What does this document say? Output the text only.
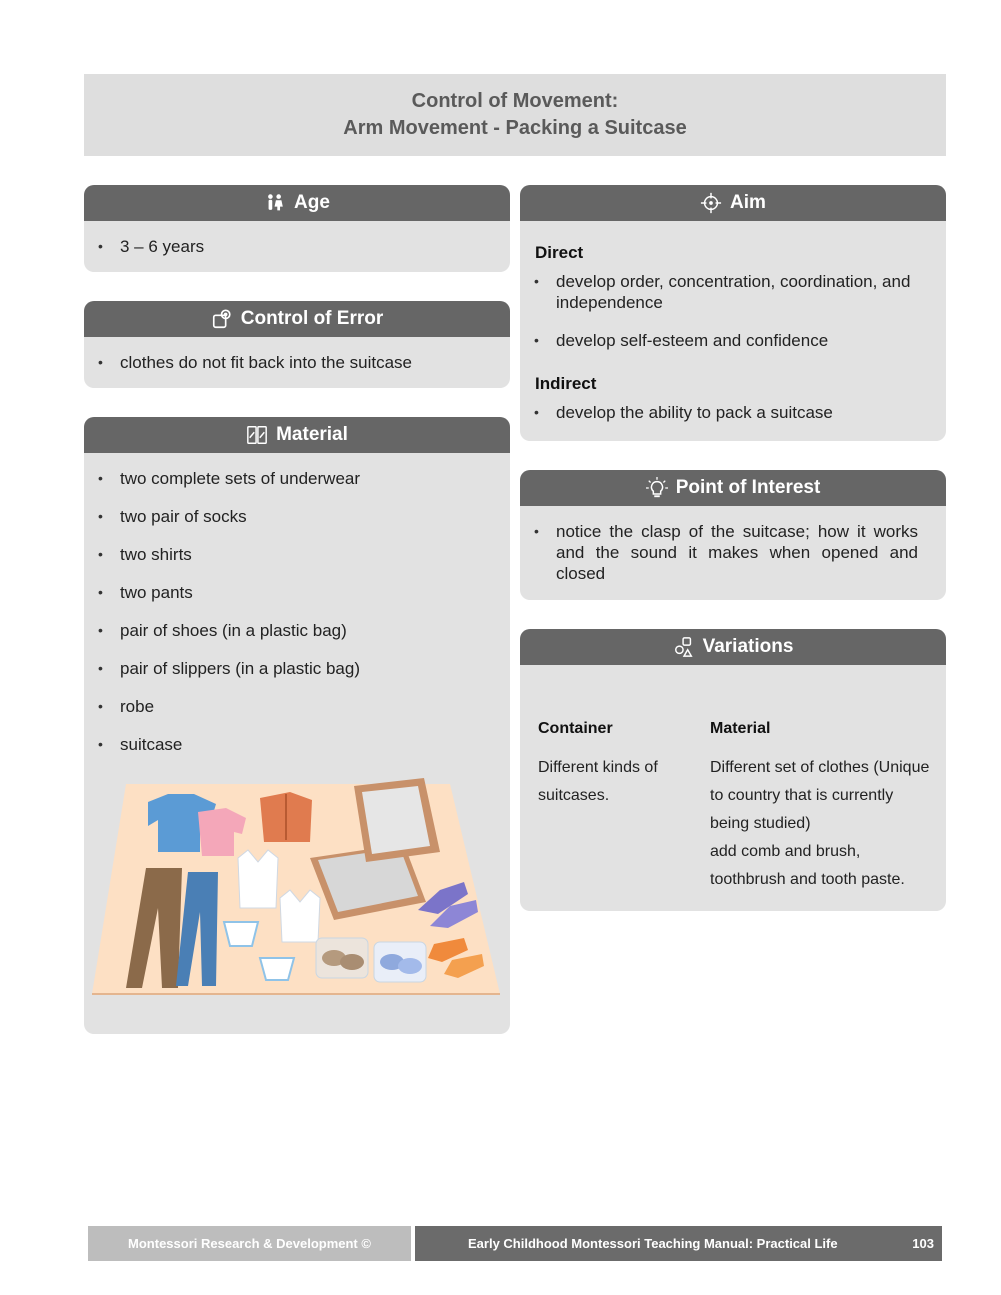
Control of Movement:
Arm Movement - Packing a Suitcase
Age
• 3 – 6 years
Control of Error
• clothes do not fit back into the suitcase
Material
• two complete sets of underwear
• two pair of socks
• two shirts
• two pants
• pair of shoes (in a plastic bag)
• pair of slippers (in a plastic bag)
• robe
• suitcase
Aim
Direct
• develop order, concentration, coordination, and independence
• develop self-esteem and confidence
Indirect
• develop the ability to pack a suitcase
Point of Interest
• notice the clasp of the suitcase; how it works and the sound it makes when opened and closed
Variations
Container
Different kinds of
suitcases.
Material
Different set of clothes (Unique
to country that is currently
being studied)
add comb and brush,
toothbrush and tooth paste.
Montessori Research & Development ©	Early Childhood Montessori Teaching Manual: Practical Life	103
